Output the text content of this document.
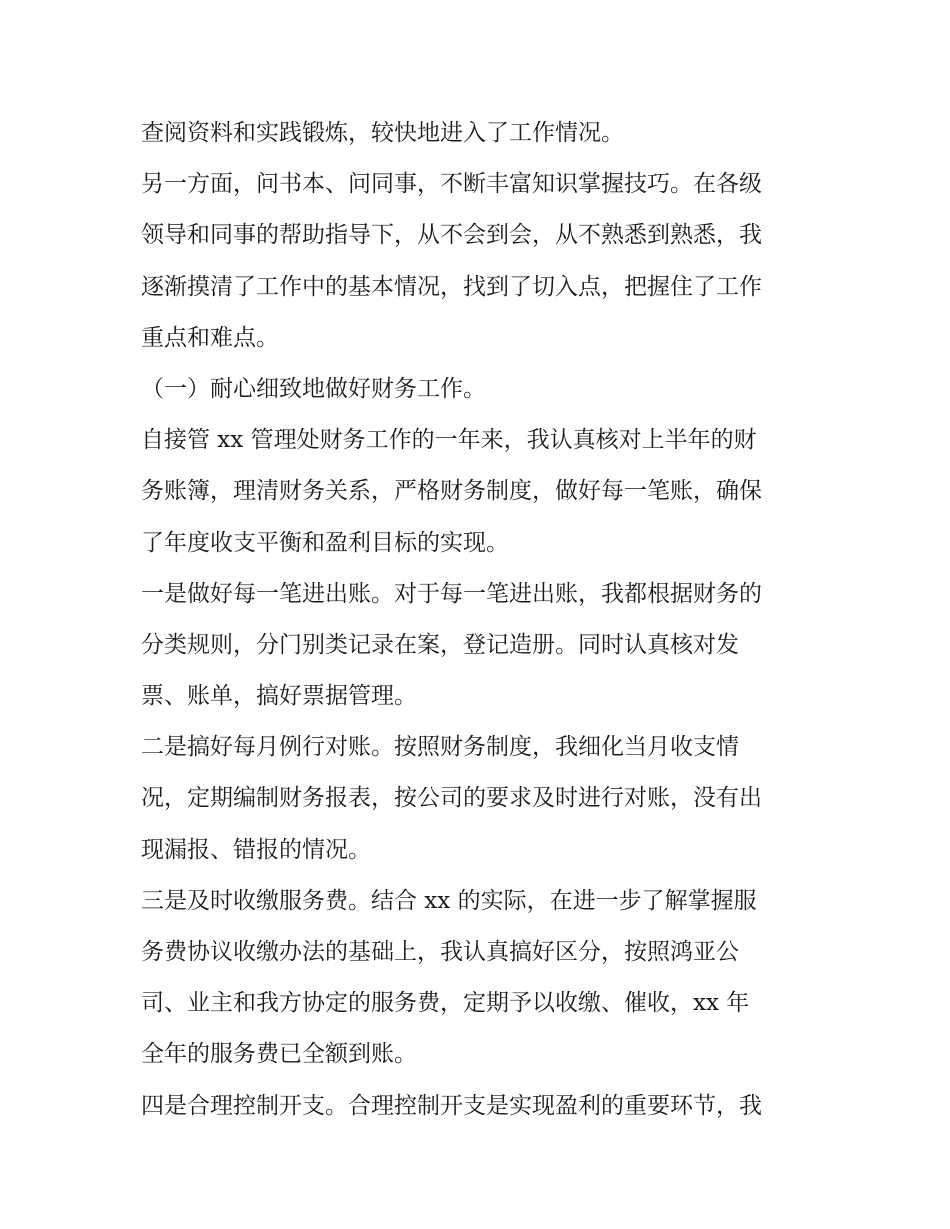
查阅资料和实践锻炼，较快地进入了工作情况。
另一方面，问书本、问同事，不断丰富知识掌握技巧。在各级
领导和同事的帮助指导下，从不会到会，从不熟悉到熟悉，我
逐渐摸清了工作中的基本情况，找到了切入点，把握住了工作
重点和难点。
（一）耐心细致地做好财务工作。
自接管 xx 管理处财务工作的一年来，我认真核对上半年的财
务账簿，理清财务关系，严格财务制度，做好每一笔账，确保
了年度收支平衡和盈利目标的实现。
一是做好每一笔进出账。对于每一笔进出账，我都根据财务的
分类规则，分门别类记录在案，登记造册。同时认真核对发
票、账单，搞好票据管理。
二是搞好每月例行对账。按照财务制度，我细化当月收支情
况，定期编制财务报表，按公司的要求及时进行对账，没有出
现漏报、错报的情况。
三是及时收缴服务费。结合 xx 的实际，在进一步了解掌握服
务费协议收缴办法的基础上，我认真搞好区分，按照鸿亚公
司、业主和我方协定的服务费，定期予以收缴、催收，xx 年
全年的服务费已全额到账。
四是合理控制开支。合理控制开支是实现盈利的重要环节，我
